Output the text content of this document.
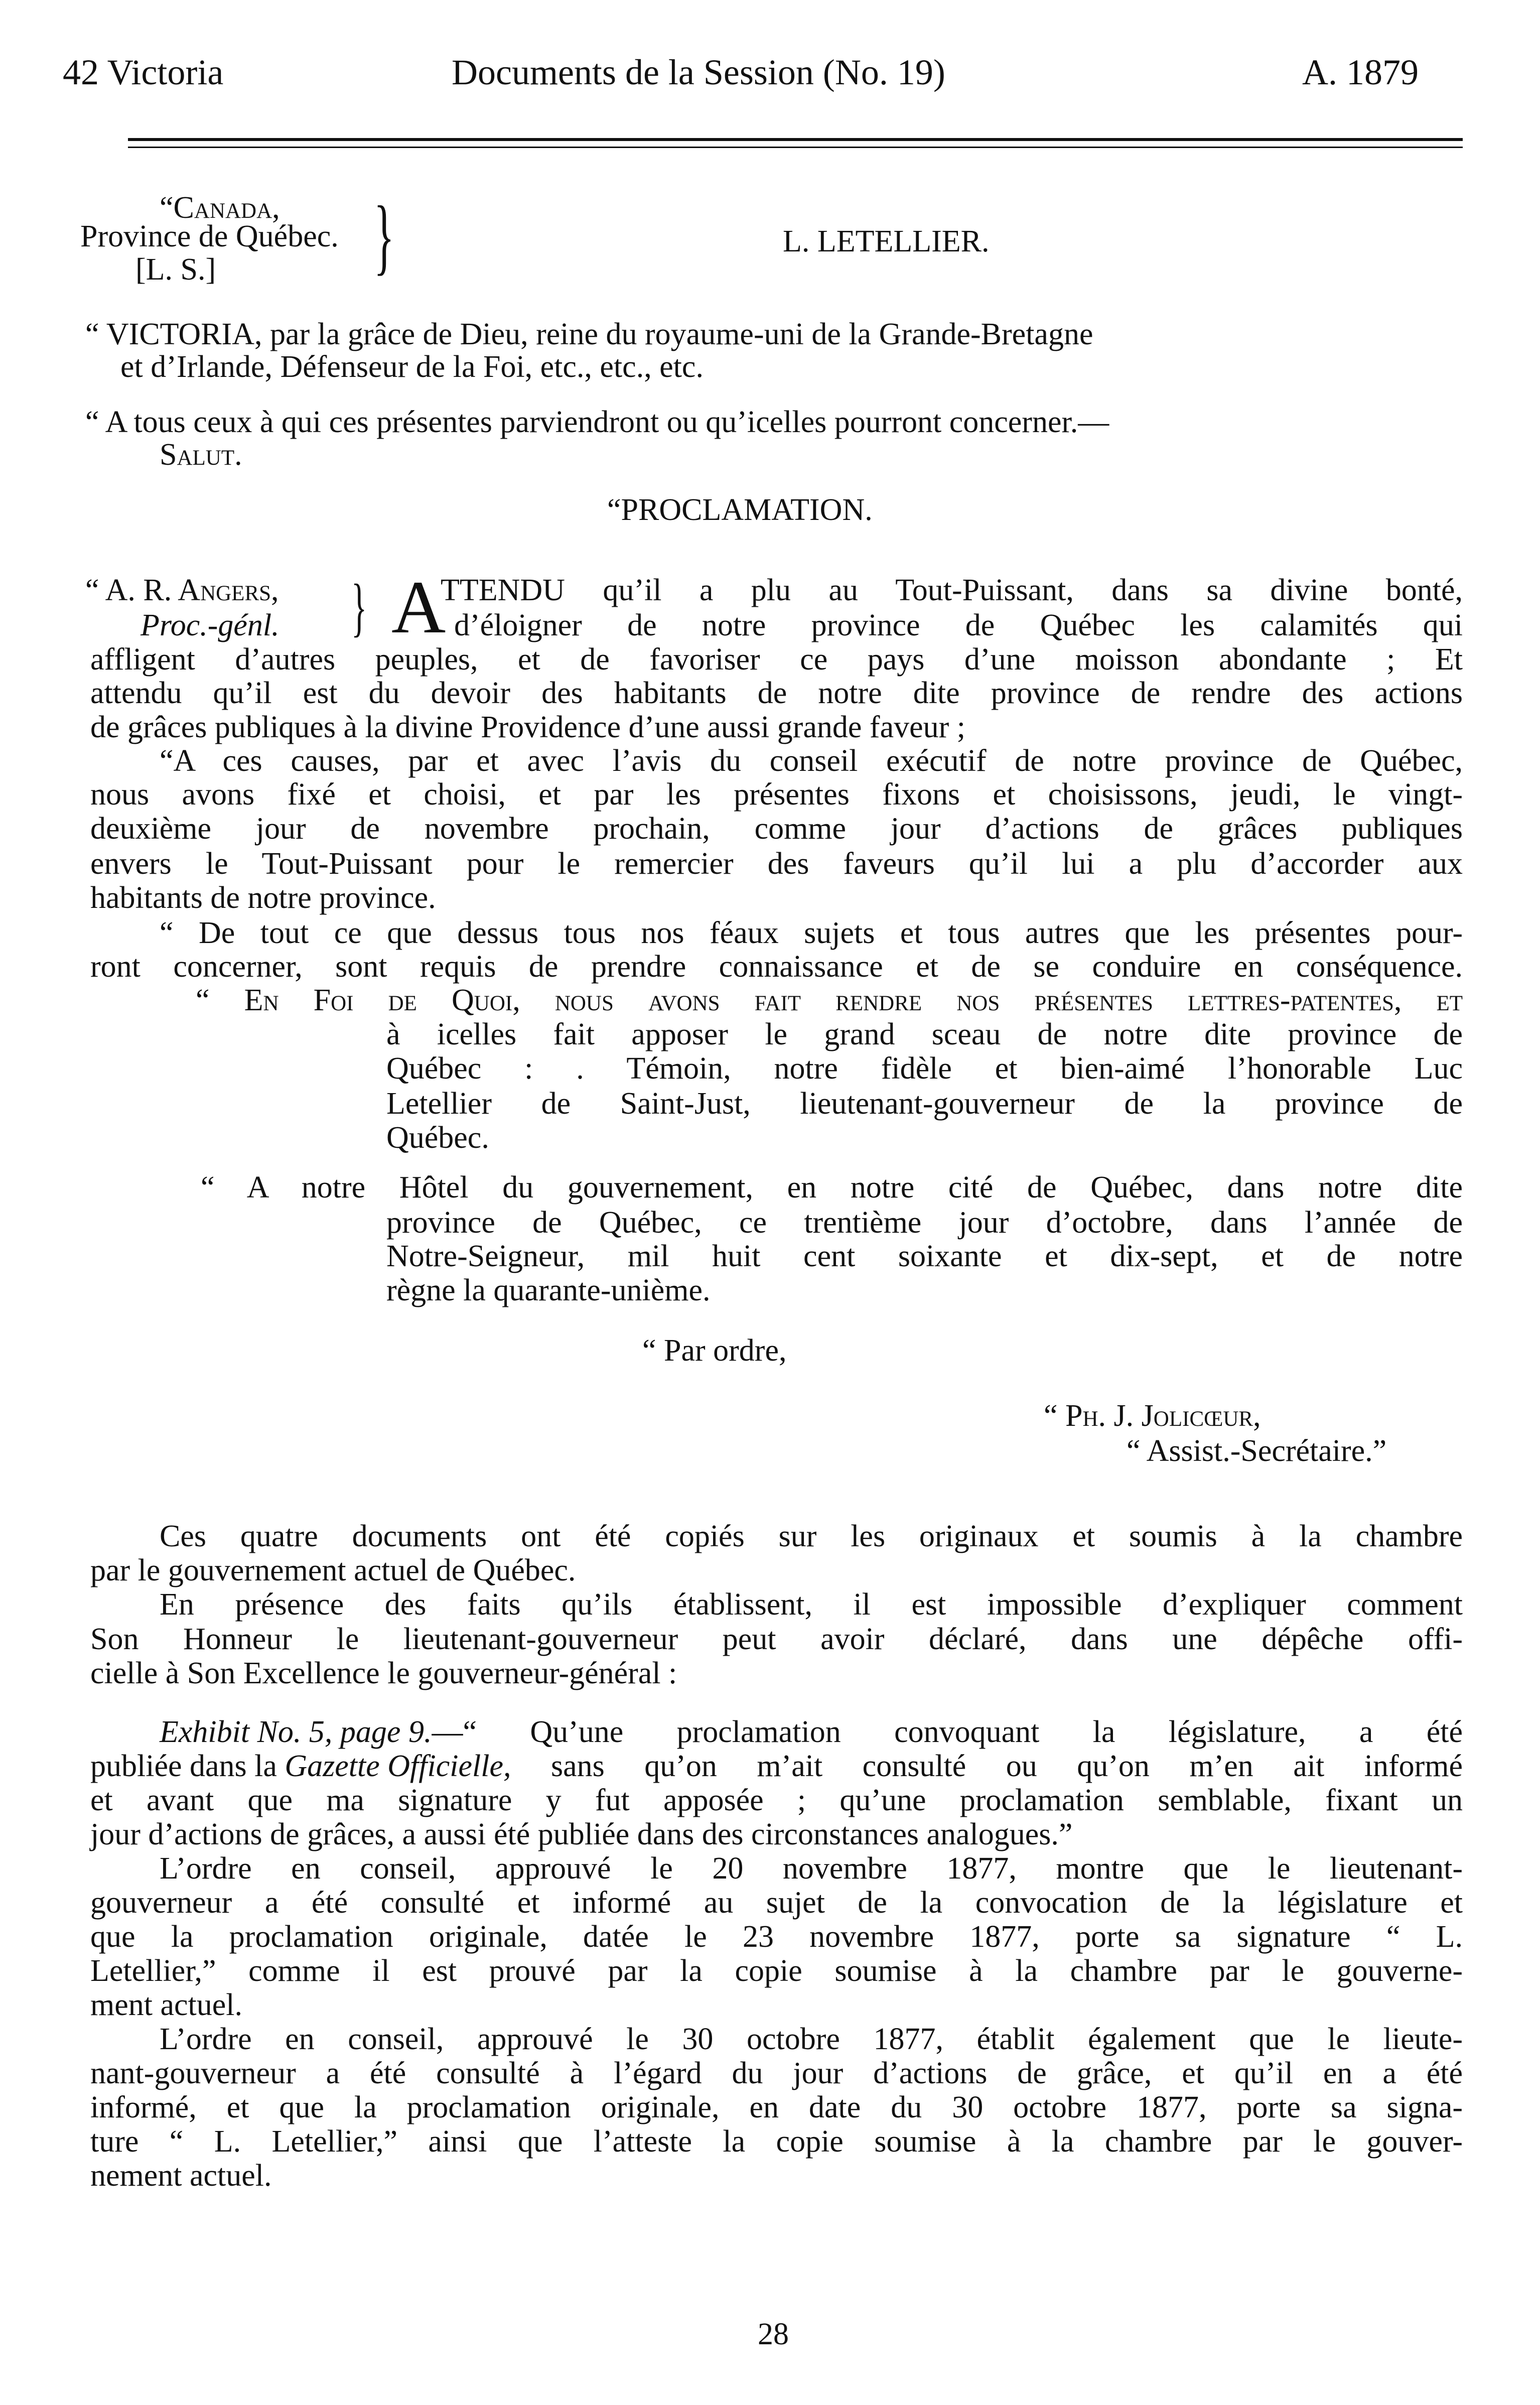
42 Victoria	Documents de la Session (No. 19)	A. 1879
“Canada,
Province de Québec.
[L. S.] }	L. LETELLIER.
“ VICTORIA, par la grâce de Dieu, reine du royaume-uni de la Grande-Bretagne
et d’Irlande, Défenseur de la Foi, etc., etc., etc.
“ A tous ceux à qui ces présentes parviendront ou qu’icelles pourront concerner.—
Salut.
“PROCLAMATION.
“ A. R. Angers,
Proc.-génl. } A
TTENDU qu’il a plu au Tout-Puissant, dans sa divine bonté,
d’éloigner de notre province de Québec les calamités qui
affligent d’autres peuples, et de favoriser ce pays d’une moisson abondante ; Et
attendu qu’il est du devoir des habitants de notre dite province de rendre des actions
de grâces publiques à la divine Providence d’une aussi grande faveur ;
“A ces causes, par et avec l’avis du conseil exécutif de notre province de Québec,
nous avons fixé et choisi, et par les présentes fixons et choisissons, jeudi, le vingt-
deuxième jour de novembre prochain, comme jour d’actions de grâces publiques
envers le Tout-Puissant pour le remercier des faveurs qu’il lui a plu d’accorder aux
habitants de notre province.
“ De tout ce que dessus tous nos féaux sujets et tous autres que les présentes pour-
ront concerner, sont requis de prendre connaissance et de se conduire en conséquence.
“ En Foi de Quoi, nous avons fait rendre nos présentes lettres-patentes, et
à icelles fait apposer le grand sceau de notre dite province de
Québec : . Témoin, notre fidèle et bien-aimé l’honorable Luc
Letellier de Saint-Just, lieutenant-gouverneur de la province de
Québec.
“ A notre Hôtel du gouvernement, en notre cité de Québec, dans notre dite
province de Québec, ce trentième jour d’octobre, dans l’année de
Notre-Seigneur, mil huit cent soixante et dix-sept, et de notre
règne la quarante-unième.
“ Par ordre,
“ Ph. J. Jolicœur,
“ Assist.-Secrétaire.”
Ces quatre documents ont été copiés sur les originaux et soumis à la chambre
par le gouvernement actuel de Québec.
En présence des faits qu’ils établissent, il est impossible d’expliquer comment
Son Honneur le lieutenant-gouverneur peut avoir déclaré, dans une dépêche offi-
cielle à Son Excellence le gouverneur-général :
Exhibit No. 5, page 9. —“ Qu’une proclamation convoquant la législature, a été
publiée dans la Gazette Officielle, sans qu’on m’ait consulté ou qu’on m’en ait informé
et avant que ma signature y fut apposée ; qu’une proclamation semblable, fixant un
jour d’actions de grâces, a aussi été publiée dans des circonstances analogues.”
L’ordre en conseil, approuvé le 20 novembre 1877, montre que le lieutenant-
gouverneur a été consulté et informé au sujet de la convocation de la législature et
que la proclamation originale, datée le 23 novembre 1877, porte sa signature “ L.
Letellier,” comme il est prouvé par la copie soumise à la chambre par le gouverne-
ment actuel.
L’ordre en conseil, approuvé le 30 octobre 1877, établit également que le lieute-
nant-gouverneur a été consulté à l’égard du jour d’actions de grâce, et qu’il en a été
informé, et que la proclamation originale, en date du 30 octobre 1877, porte sa signa-
ture “ L. Letellier,” ainsi que l’atteste la copie soumise à la chambre par le gouver-
nement actuel.
28
